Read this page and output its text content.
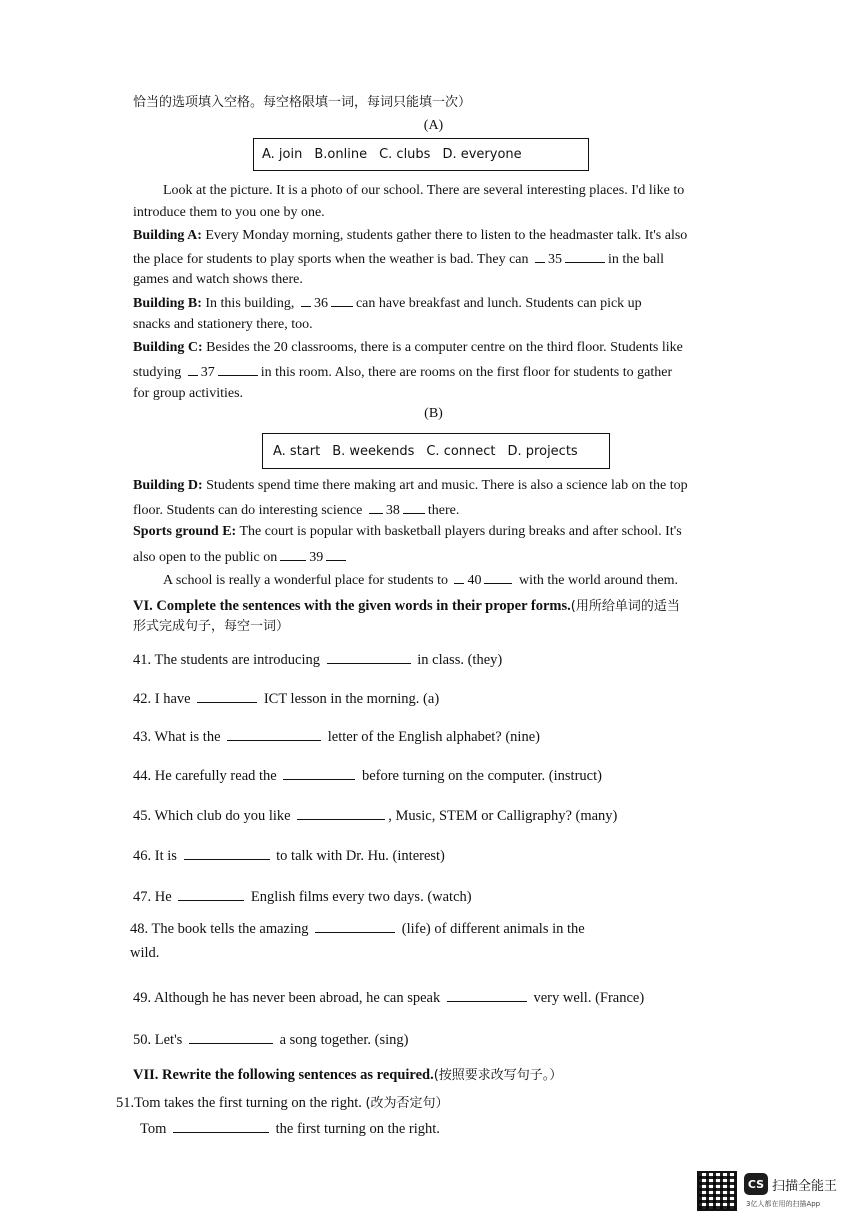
恰当的选项填入空格。每空格限填一词，每词只能填一次）
(A)
A. join B.online C. clubs D. everyone
Look at the picture. It is a photo of our school. There are several interesting places. I'd like to
introduce them to you one by one.
Building A: Every Monday morning, students gather there to listen to the headmaster talk. It's also
the place for students to play sports when the weather is bad. They can 35	in the ball
games and watch shows there.
Building B: In this building, 36 can have breakfast and lunch. Students can pick up
snacks and stationery there, too.
Building C: Besides the 20 classrooms, there is a computer centre on the third floor. Students like
studying 37	in this room. Also, there are rooms on the first floor for students to gather
for group activities.
(B)
A. start B. weekends C. connect D. projects
Building D: Students spend time there making art and music. There is also a science lab on the top
floor. Students can do interesting science 38 there.
Sports ground E: The court is popular with basketball players during breaks and after school. It's
also open to the public on 39
A school is really a wonderful place for students to 40 with the world around them.
VI. Complete the sentences with the given words in their proper forms.(用所给单词的适当
形式完成句子，每空一词）
41. The students are introducing	in class. (they)
42. I have	ICT lesson in the morning. (a)
43. What is the	letter of the English alphabet? (nine)
44. He carefully read the	before turning on the computer. (instruct)
45. Which club do you like	, Music, STEM or Calligraphy? (many)
46. It is	to talk with Dr. Hu. (interest)
47. He	English films every two days. (watch)
48. The book tells the amazing	(life) of different animals in the
wild.
49. Although he has never been abroad, he can speak	very well. (France)
50. Let's	a song together. (sing)
VII. Rewrite the following sentences as required.(按照要求改写句子。）
51.Tom takes the first turning on the right. (改为否定句）
Tom	the first turning on the right.
CS 扫描全能王
3亿人都在用的扫描App
